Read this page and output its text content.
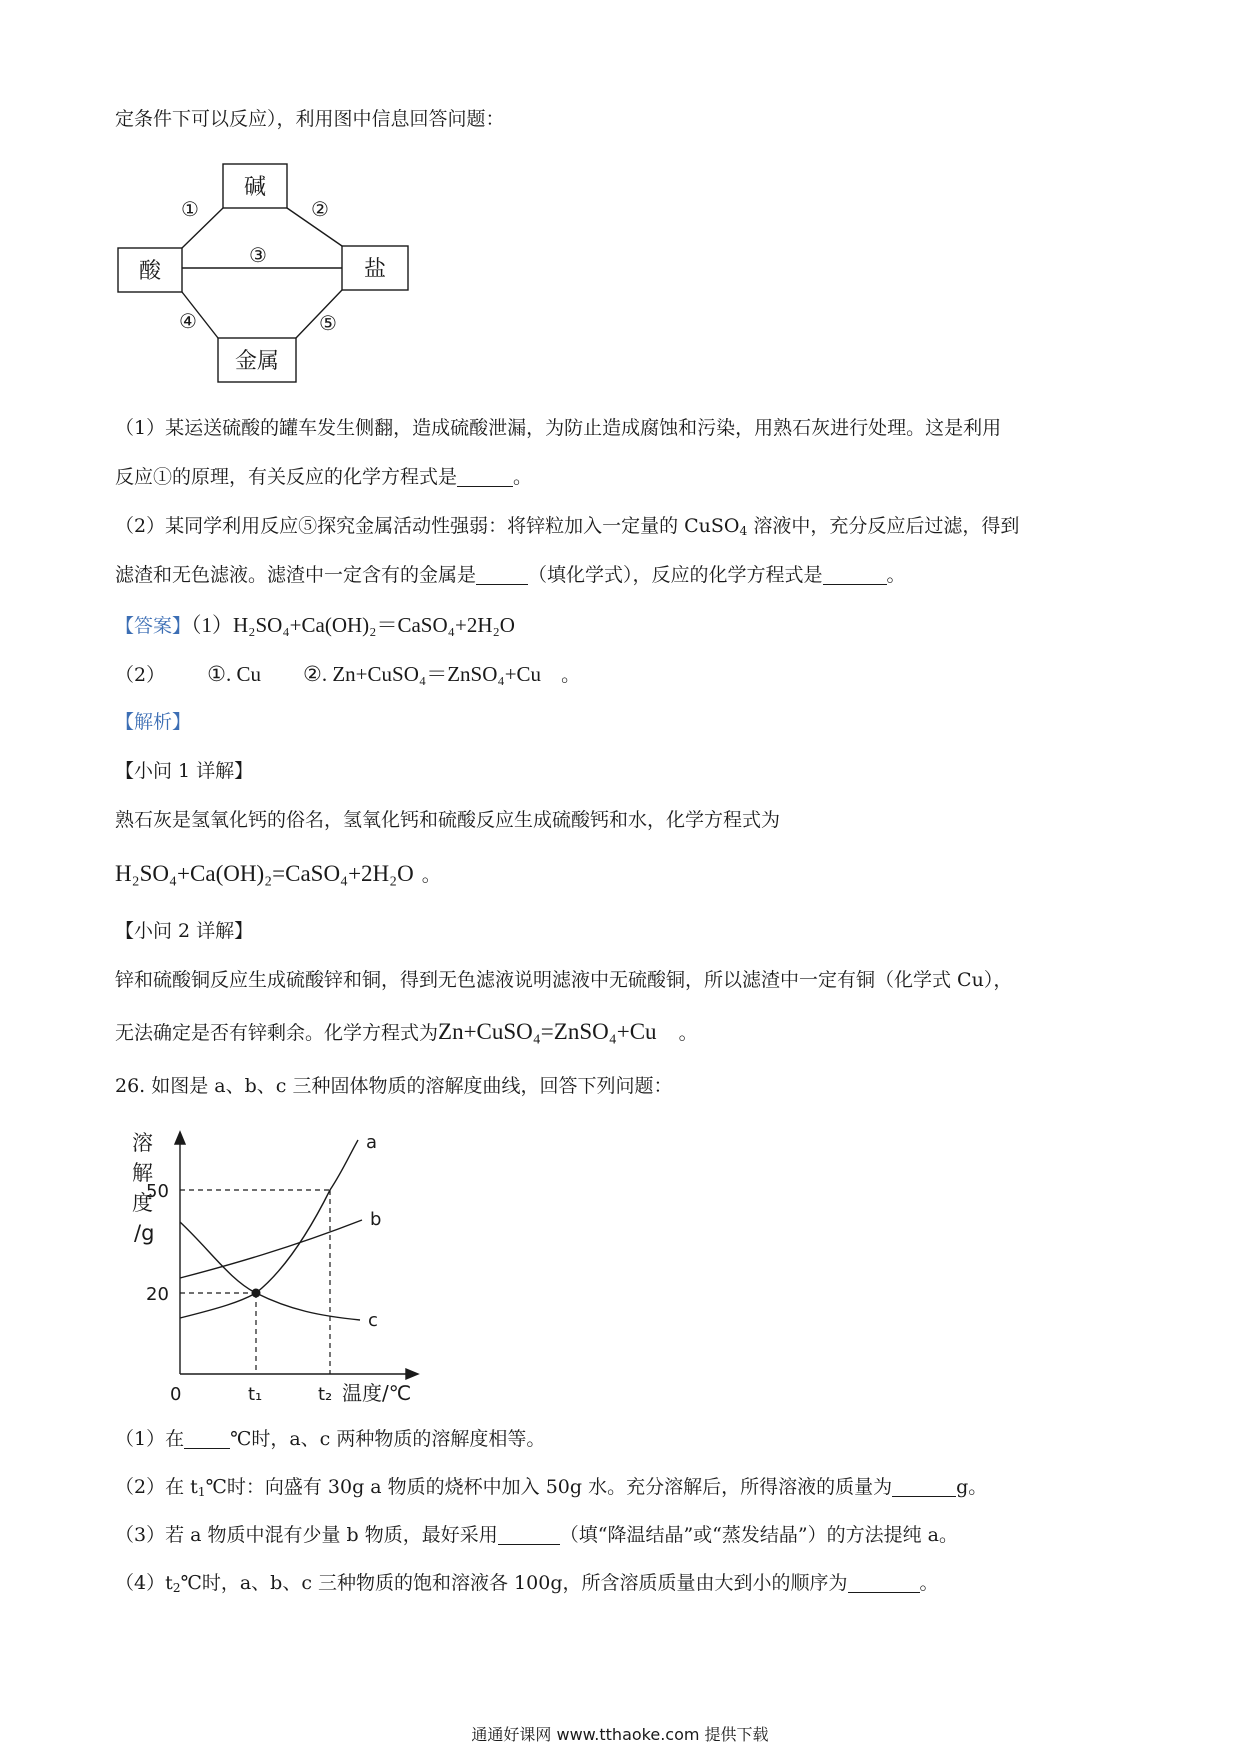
定条件下可以反应），利用图中信息回答问题：
碱
酸	盐
金属
①	②
③
④	⑤
（1）某运送硫酸的罐车发生侧翻，造成硫酸泄漏，为防止造成腐蚀和污染，用熟石灰进行处理。这是利用
反应①的原理，有关反应的化学方程式是	。
（2）某同学利用反应⑤探究金属活动性强弱：将锌粒加入一定量的 CuSO$_4$ 溶液中，充分反应后过滤，得到
滤渣和无色滤液。滤渣中一定含有的金属是	（填化学式），反应的化学方程式是	。
【答案】（1）H₂SO₄+Ca(OH)₂＝CaSO₄+2H₂O
（2） ①. Cu ②. Zn+CuSO₄＝ZnSO₄+Cu 。
【解析】
【小问 1 详解】
熟石灰是氢氧化钙的俗名，氢氧化钙和硫酸反应生成硫酸钙和水，化学方程式为
H₂SO₄+Ca(OH)₂=CaSO₄+2H₂O 。
【小问 2 详解】
锌和硫酸铜反应生成硫酸锌和铜，得到无色滤液说明滤液中无硫酸铜，所以滤渣中一定有铜（化学式 Cu），
无法确定是否有锌剩余。化学方程式为Zn+CuSO₄=ZnSO₄+Cu 。
26. 如图是 a、b、c 三种固体物质的溶解度曲线，回答下列问题：
溶
解
度
/g
50
20
0	t₁	t₂ 温度/℃
a
b
c
（1）在 ℃时，a、c 两种物质的溶解度相等。
（2）在 $t_1℃$时：向盛有 30g a 物质的烧杯中加入 50g 水。充分溶解后，所得溶液的质量为	g。
（3）若 a 物质中混有少量 b 物质，最好采用	（填“降温结晶”或“蒸发结晶”）的方法提纯 a。
$(4)t_2℃$时，a、b、c 三种物质的饱和溶液各 100g，所含溶质质量由大到小的顺序为	。
通通好课网 www.tthaoke.com 提供下载
